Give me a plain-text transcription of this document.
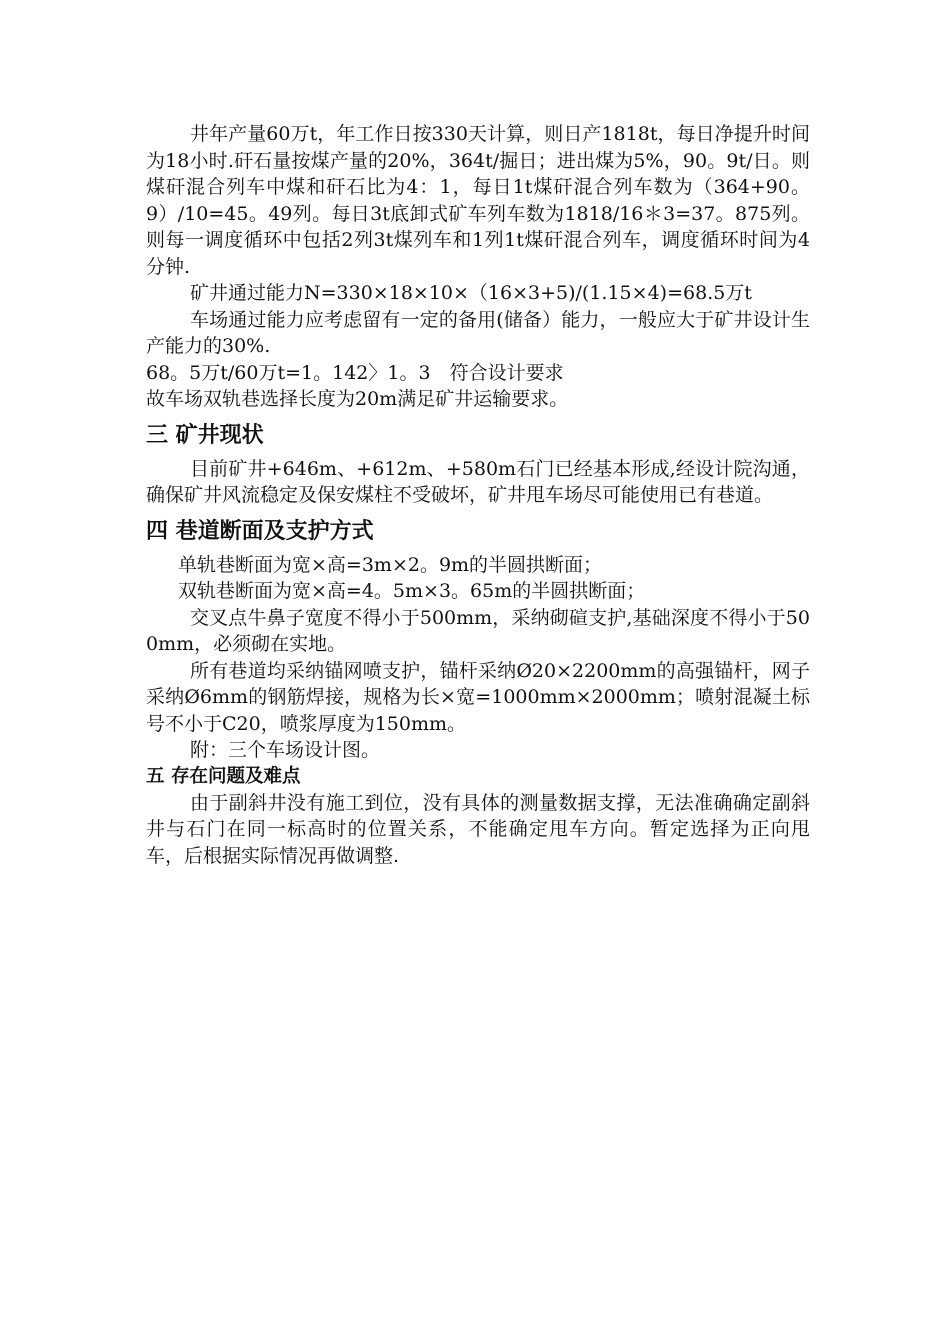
井年产量60万t，年工作日按330天计算，则日产1818t，每日净提升时间为18小时.矸石量按煤产量的20%，364t/掘日；进出煤为5%，90。9t/日。则煤矸混合列车中煤和矸石比为4：1，每日1t煤矸混合列车数为（364+90。9）/10=45。49列。每日3t底卸式矿车列车数为1818/16＊3=37。875列。则每一调度循环中包括2列3t煤列车和1列1t煤矸混合列车，调度循环时间为4分钟.

矿井通过能力N=330×18×10×（16×3+5)/(1.15×4)=68.5万t

车场通过能力应考虑留有一定的备用(储备）能力，一般应大于矿井设计生产能力的30%.

68。5万t/60万t=1。142〉1。3　符合设计要求

故车场双轨巷选择长度为20m满足矿井运输要求。

三 矿井现状

目前矿井+646m、+612m、+580m石门已经基本形成,经设计院沟通，确保矿井风流稳定及保安煤柱不受破坏，矿井甩车场尽可能使用已有巷道。

四 巷道断面及支护方式

单轨巷断面为宽×高=3m×2。9m的半圆拱断面；

双轨巷断面为宽×高=4。5m×3。65m的半圆拱断面；

交叉点牛鼻子宽度不得小于500mm，采纳砌碹支护,基础深度不得小于500mm，必须砌在实地。

所有巷道均采纳锚网喷支护，锚杆采纳Ø20×2200mm的高强锚杆，网子采纳Ø6mm的钢筋焊接，规格为长×宽=1000mm×2000mm；喷射混凝土标号不小于C20，喷浆厚度为150mm。

附：三个车场设计图。

五 存在问题及难点

由于副斜井没有施工到位，没有具体的测量数据支撑，无法准确确定副斜井与石门在同一标高时的位置关系，不能确定甩车方向。暂定选择为正向甩车，后根据实际情况再做调整.
